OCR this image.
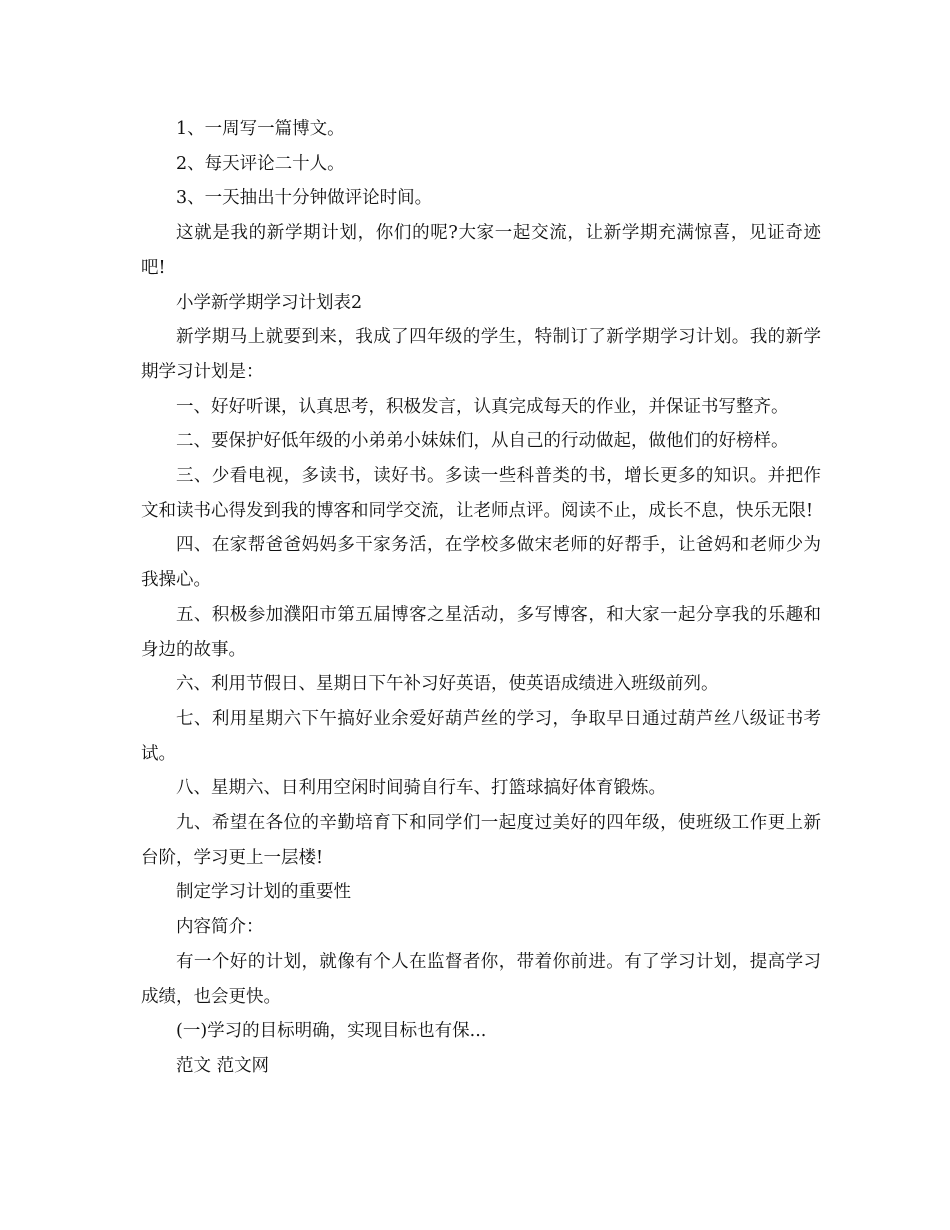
1、一周写一篇博文。

2、每天评论二十人。

3、一天抽出十分钟做评论时间。

这就是我的新学期计划，你们的呢?大家一起交流，让新学期充满惊喜，见证奇迹吧!

小学新学期学习计划表2

新学期马上就要到来，我成了四年级的学生，特制订了新学期学习计划。我的新学期学习计划是：

一、好好听课，认真思考，积极发言，认真完成每天的作业，并保证书写整齐。

二、要保护好低年级的小弟弟小妹妹们，从自己的行动做起，做他们的好榜样。

三、少看电视，多读书，读好书。多读一些科普类的书，增长更多的知识。并把作文和读书心得发到我的博客和同学交流，让老师点评。阅读不止，成长不息，快乐无限!

四、在家帮爸爸妈妈多干家务活，在学校多做宋老师的好帮手，让爸妈和老师少为我操心。

五、积极参加濮阳市第五届博客之星活动，多写博客，和大家一起分享我的乐趣和身边的故事。

六、利用节假日、星期日下午补习好英语，使英语成绩进入班级前列。

七、利用星期六下午搞好业余爱好葫芦丝的学习，争取早日通过葫芦丝八级证书考试。

八、星期六、日利用空闲时间骑自行车、打篮球搞好体育锻炼。

九、希望在各位的辛勤培育下和同学们一起度过美好的四年级，使班级工作更上新台阶，学习更上一层楼!

制定学习计划的重要性

内容简介：

有一个好的计划，就像有个人在监督者你，带着你前进。有了学习计划，提高学习成绩，也会更快。

(一)学习的目标明确，实现目标也有保...

范文 范文网
